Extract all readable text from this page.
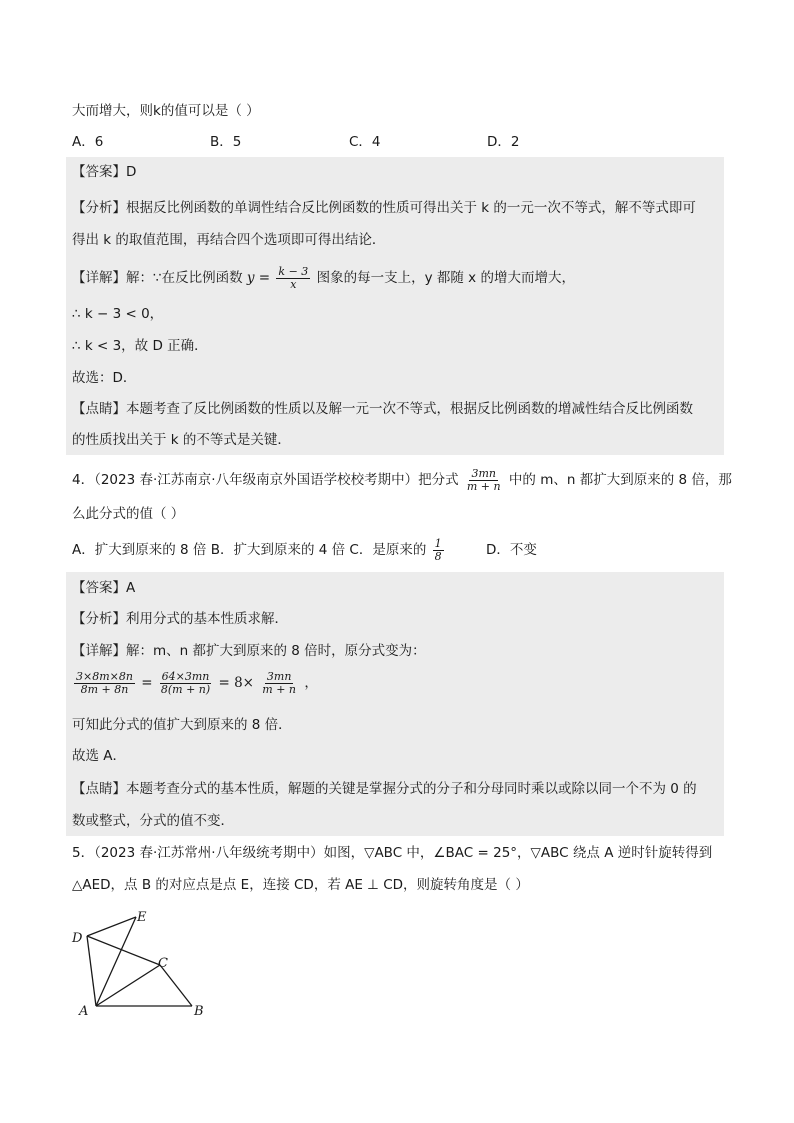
大而增大，则k的值可以是（ ）
A．6	B．5	C．4	D．2
【答案】D
【分析】根据反比例函数的单调性结合反比例函数的性质可得出关于 k 的一元一次不等式，解不等式即可
得出 k 的取值范围，再结合四个选项即可得出结论．
【详解】解：∵在反比例函数 $y = \frac{k - 3}{x}$ 图象的每一支上，y 都随 x 的增大而增大，
∴ k − 3 < 0，
∴ k < 3，故 D 正确．
故选：D．
【点睛】本题考查了反比例函数的性质以及解一元一次不等式，根据反比例函数的增减性结合反比例函数
的性质找出关于 k 的不等式是关键．
4．（2023 春·江苏南京·八年级南京外国语学校校考期中）把分式 $\frac{3mn}{m + n}$ 中的 m、n 都扩大到原来的 8 倍，那
么此分式的值（ ）
A．扩大到原来的 8 倍 B．扩大到原来的 4 倍 C．是原来的 $\frac{1}{8}$	D．不变
【答案】A
【分析】利用分式的基本性质求解．
【详解】解：m、n 都扩大到原来的 8 倍时，原分式变为：
$\frac{3\times 8m\times 8n}{8m + 8n} = \frac{64\times 3mn}{8(m + n)} = 8\times \frac{3mn}{m + n}$ ，
可知此分式的值扩大到原来的 8 倍．
故选 A．
【点睛】本题考查分式的基本性质，解题的关键是掌握分式的分子和分母同时乘以或除以同一个不为 0 的
数或整式，分式的值不变．
5．（2023 春·江苏常州·八年级统考期中）如图，▽ABC 中，∠BAC = 25°，▽ABC 绕点 A 逆时针旋转得到
△AED，点 B 的对应点是点 E，连接 CD，若 AE ⊥ CD，则旋转角度是（ ）
D
E
C
A	B
